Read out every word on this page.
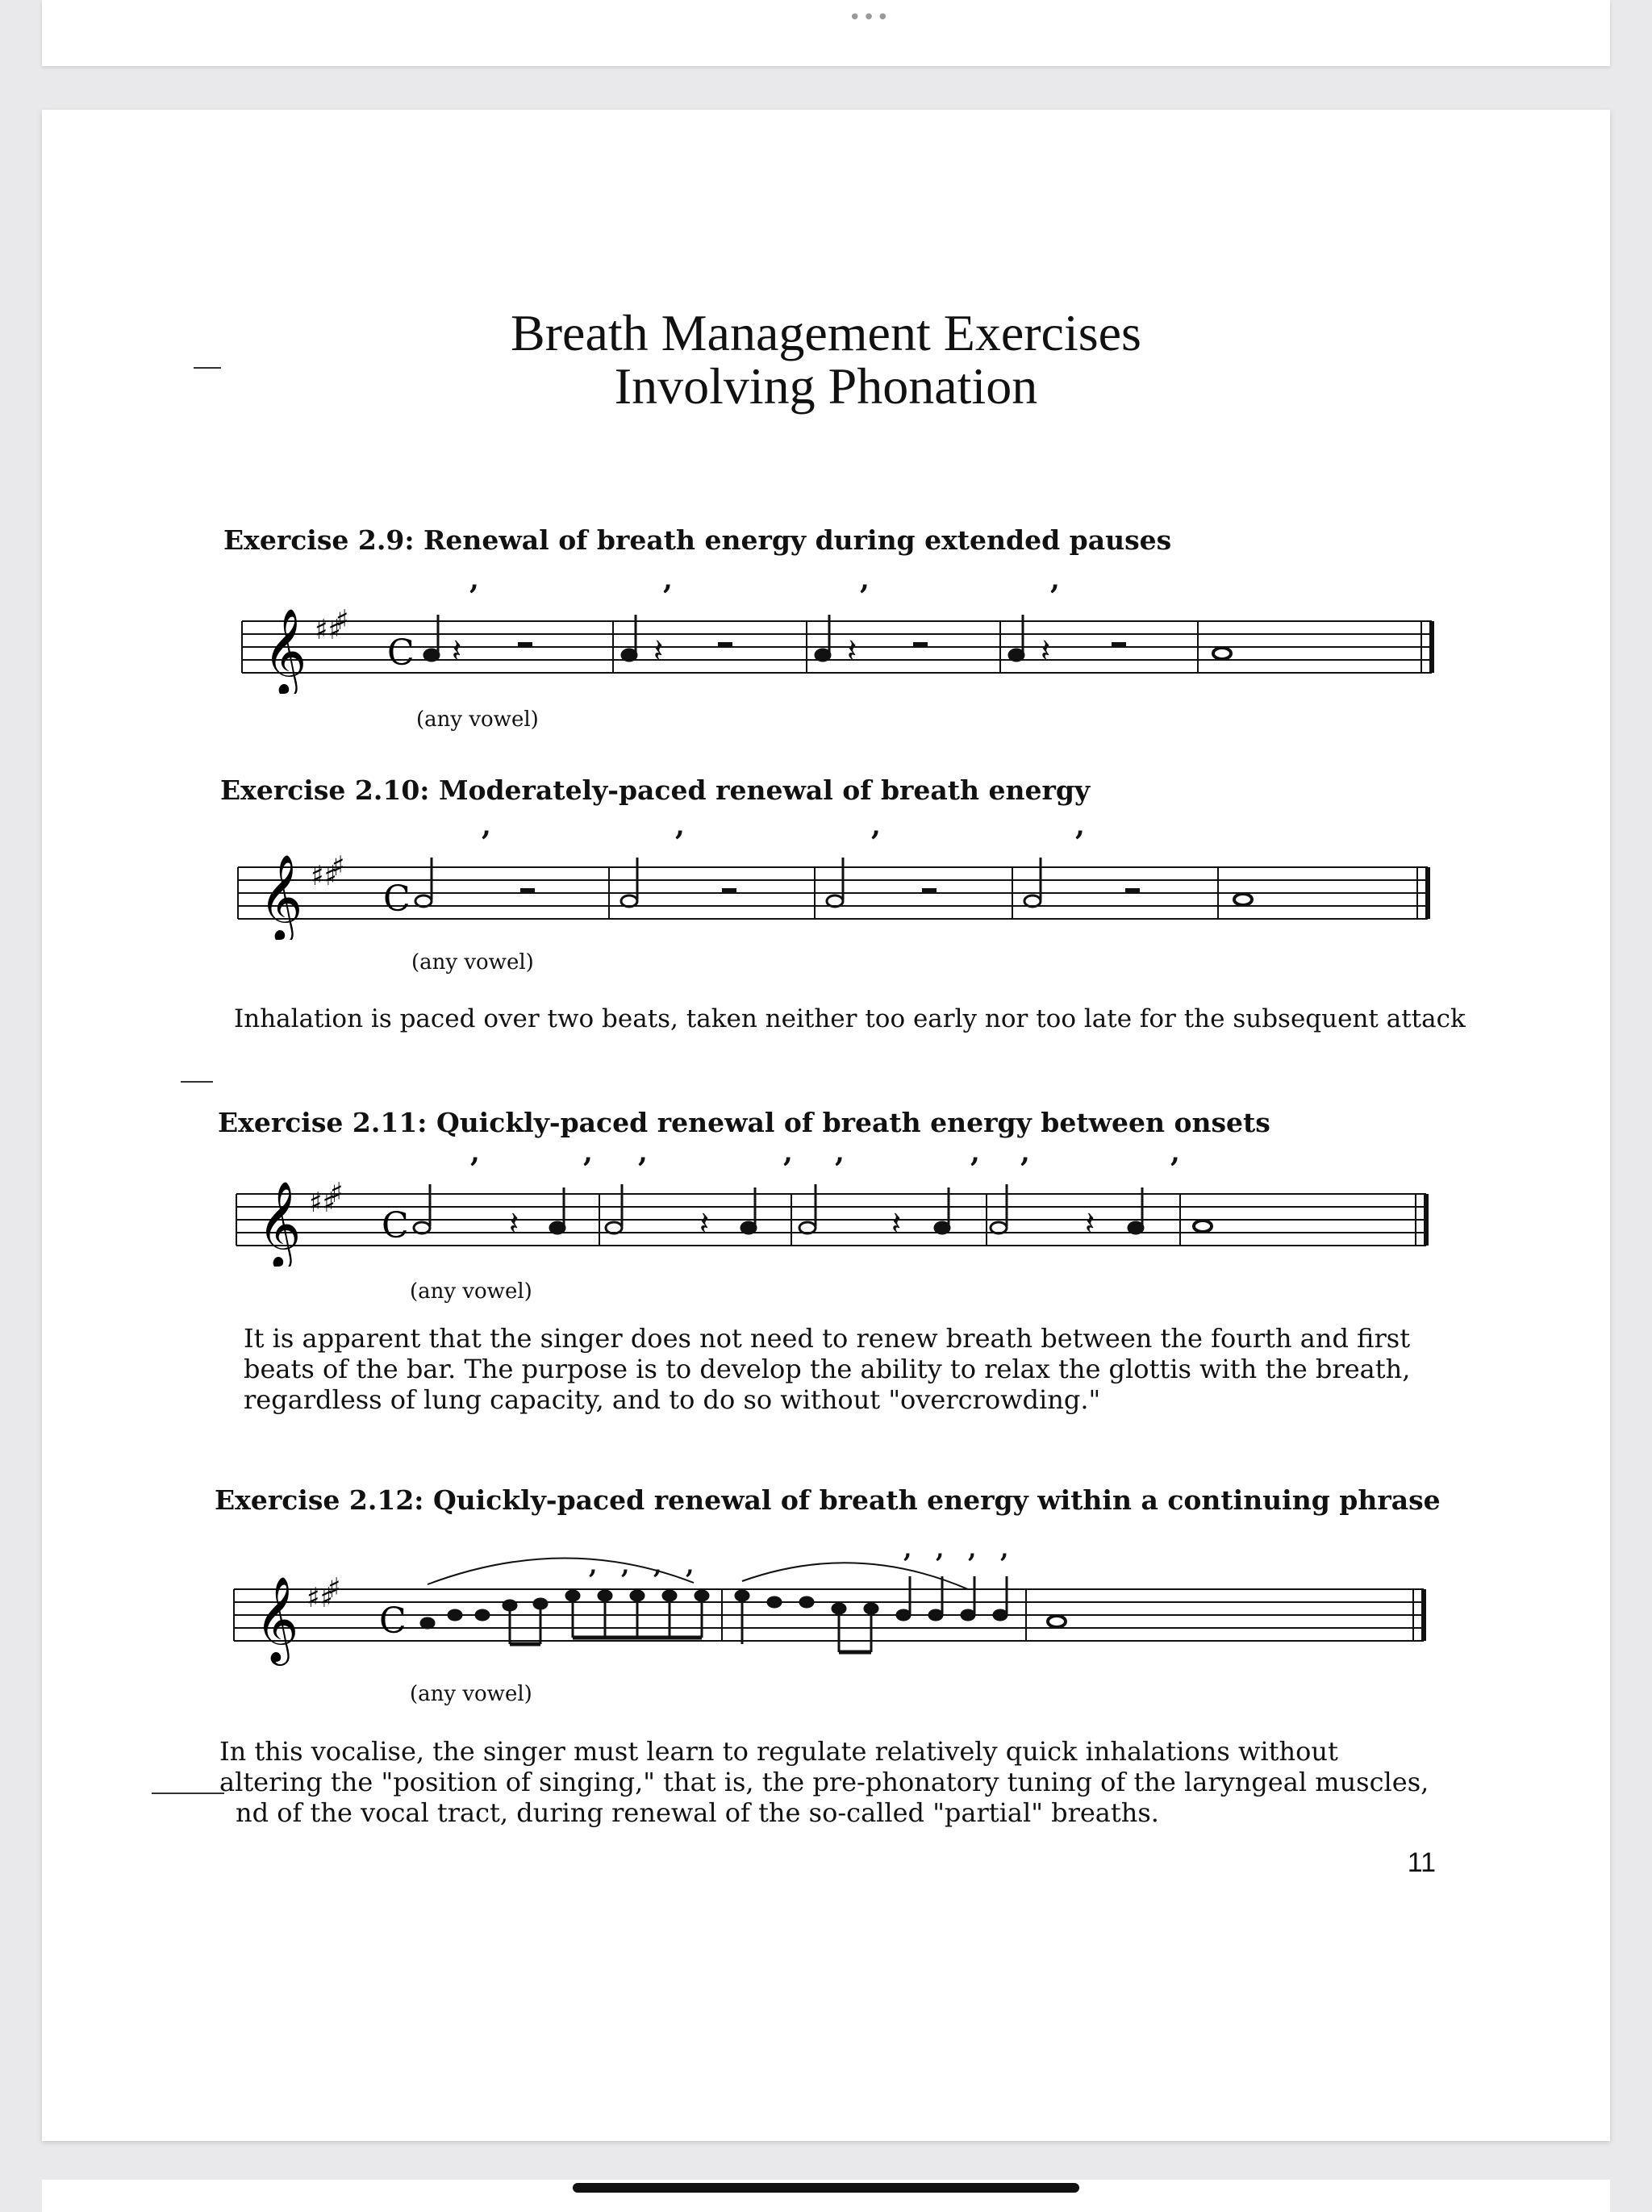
•••
Breath Management Exercises
Involving Phonation
Exercise 2.9: Renewal of breath energy during extended pauses
𝄞 ♯♯
♯
C 𝄽	𝄽	𝄽	𝄽
,	,	,	,
(any vowel)
Exercise 2.10: Moderately-paced renewal of breath energy
𝄞 ♯♯
♯
C
,	,	,	,
(any vowel)
Inhalation is paced over two beats, taken neither too early nor too late for the subsequent attack
Exercise 2.11: Quickly-paced renewal of breath energy between onsets
𝄞 ♯♯
♯
C	𝄽	𝄽	𝄽	𝄽
,	, ,	, ,	, ,	,
(any vowel)
It is apparent that the singer does not need to renew breath between the fourth and first
beats of the bar. The purpose is to develop the ability to relax the glottis with the breath,
regardless of lung capacity, and to do so without "overcrowding."
Exercise 2.12: Quickly-paced renewal of breath energy within a continuing phrase
𝄞 ♯♯
♯
C
, , , ,
, , , ,
(any vowel)
In this vocalise, the singer must learn to regulate relatively quick inhalations without
altering the "position of singing," that is, the pre-phonatory tuning of the laryngeal muscles,
nd of the vocal tract, during renewal of the so-called "partial" breaths.
11
